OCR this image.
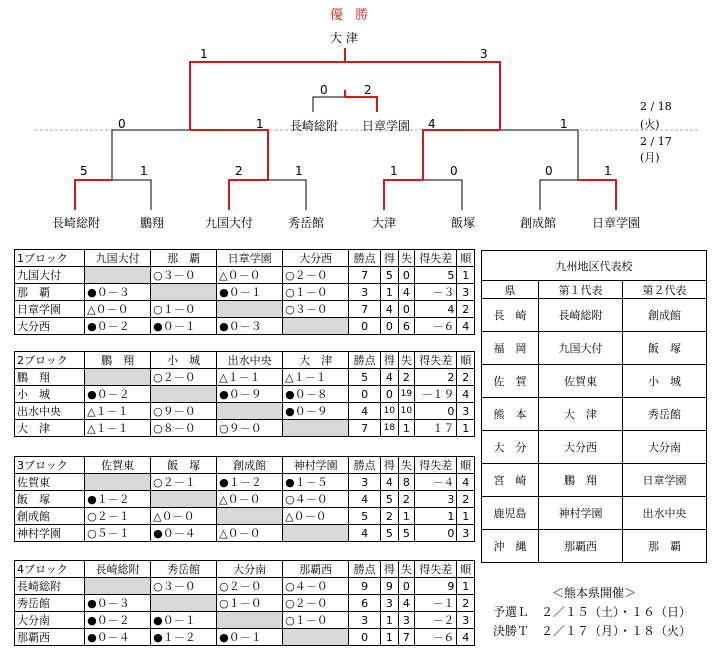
優 勝
大 津
1	3
0	2
長崎総附 日章学園
0	1	4	1
5	1	2	1	1	0	0	1
長崎総附	鵬翔	九国大付	秀岳館	大津	飯塚	創成館	日章学園
2 / 18
(火)
2 / 17
(月)
1ブロック	九国大付	那　覇	日章学園	大分西	勝点	得	失	得失差	順
九国大付		○３－０	△０－０	○２－０	7	5	0	5	1
那　覇	●０－３		●０－１	○１－０	3	1	4	－３	3
日章学園	△０－０	○１－０		○３－０	7	4	0	4	2
大分西	●０－２	●０－１	●０－３		0	0	6	－６	4
2ブロック	鵬　翔	小　城	出水中央	大　津	勝点	得	失	得失差	順
鵬　翔		○２－０	△１－１	△１－１	5	4	2	2	2
小　城	●０－２		●０－９	●０－８	0	0	19	－１９	4
出水中央	△１－１	○９－０		●０－９	4	10	10	0	3
大　津	△１－１	○８－０	○９－０		7	18	1	１７	1
3ブロック	佐賀東	飯　塚	創成館	神村学園	勝点	得	失	得失差	順
佐賀東		○２－１	●１－２	●１－５	3	4	8	－４	4
飯　塚	●１－２		△０－０	○４－０	4	5	2	3	2
創成館	○２－１	△０－０		△０－０	5	2	1	1	1
神村学園	○５－１	●０－４	△０－０		4	5	5	0	3
4ブロック	長崎総附	秀岳館	大分南	那覇西	勝点	得	失	得失差	順
長崎総附		○３－０	○２－０	○４－０	9	9	0	9	1
秀岳館	●０－３		○１－０	○２－０	6	3	4	－１	2
大分南	●０－２	●０－１		○１－０	3	1	3	－２	3
那覇西	●０－４	●１－２	●０－１		0	1	7	－６	4
九州地区代表校		
県	第１代表	第２代表
長　崎	長崎総附	創成館
福　岡	九国大付	飯　塚
佐　賀	佐賀東	小　城
熊　本	大　津	秀岳館
大　分	大分西	大分南
宮　崎	鵬　翔	日章学園
鹿児島	神村学園	出水中央
沖　縄	那覇西	那　覇
＜熊本県開催＞
予選Ｌ　２／１５（土）・１６（日）
決勝Ｔ　２／１７（月）・１８（火）
